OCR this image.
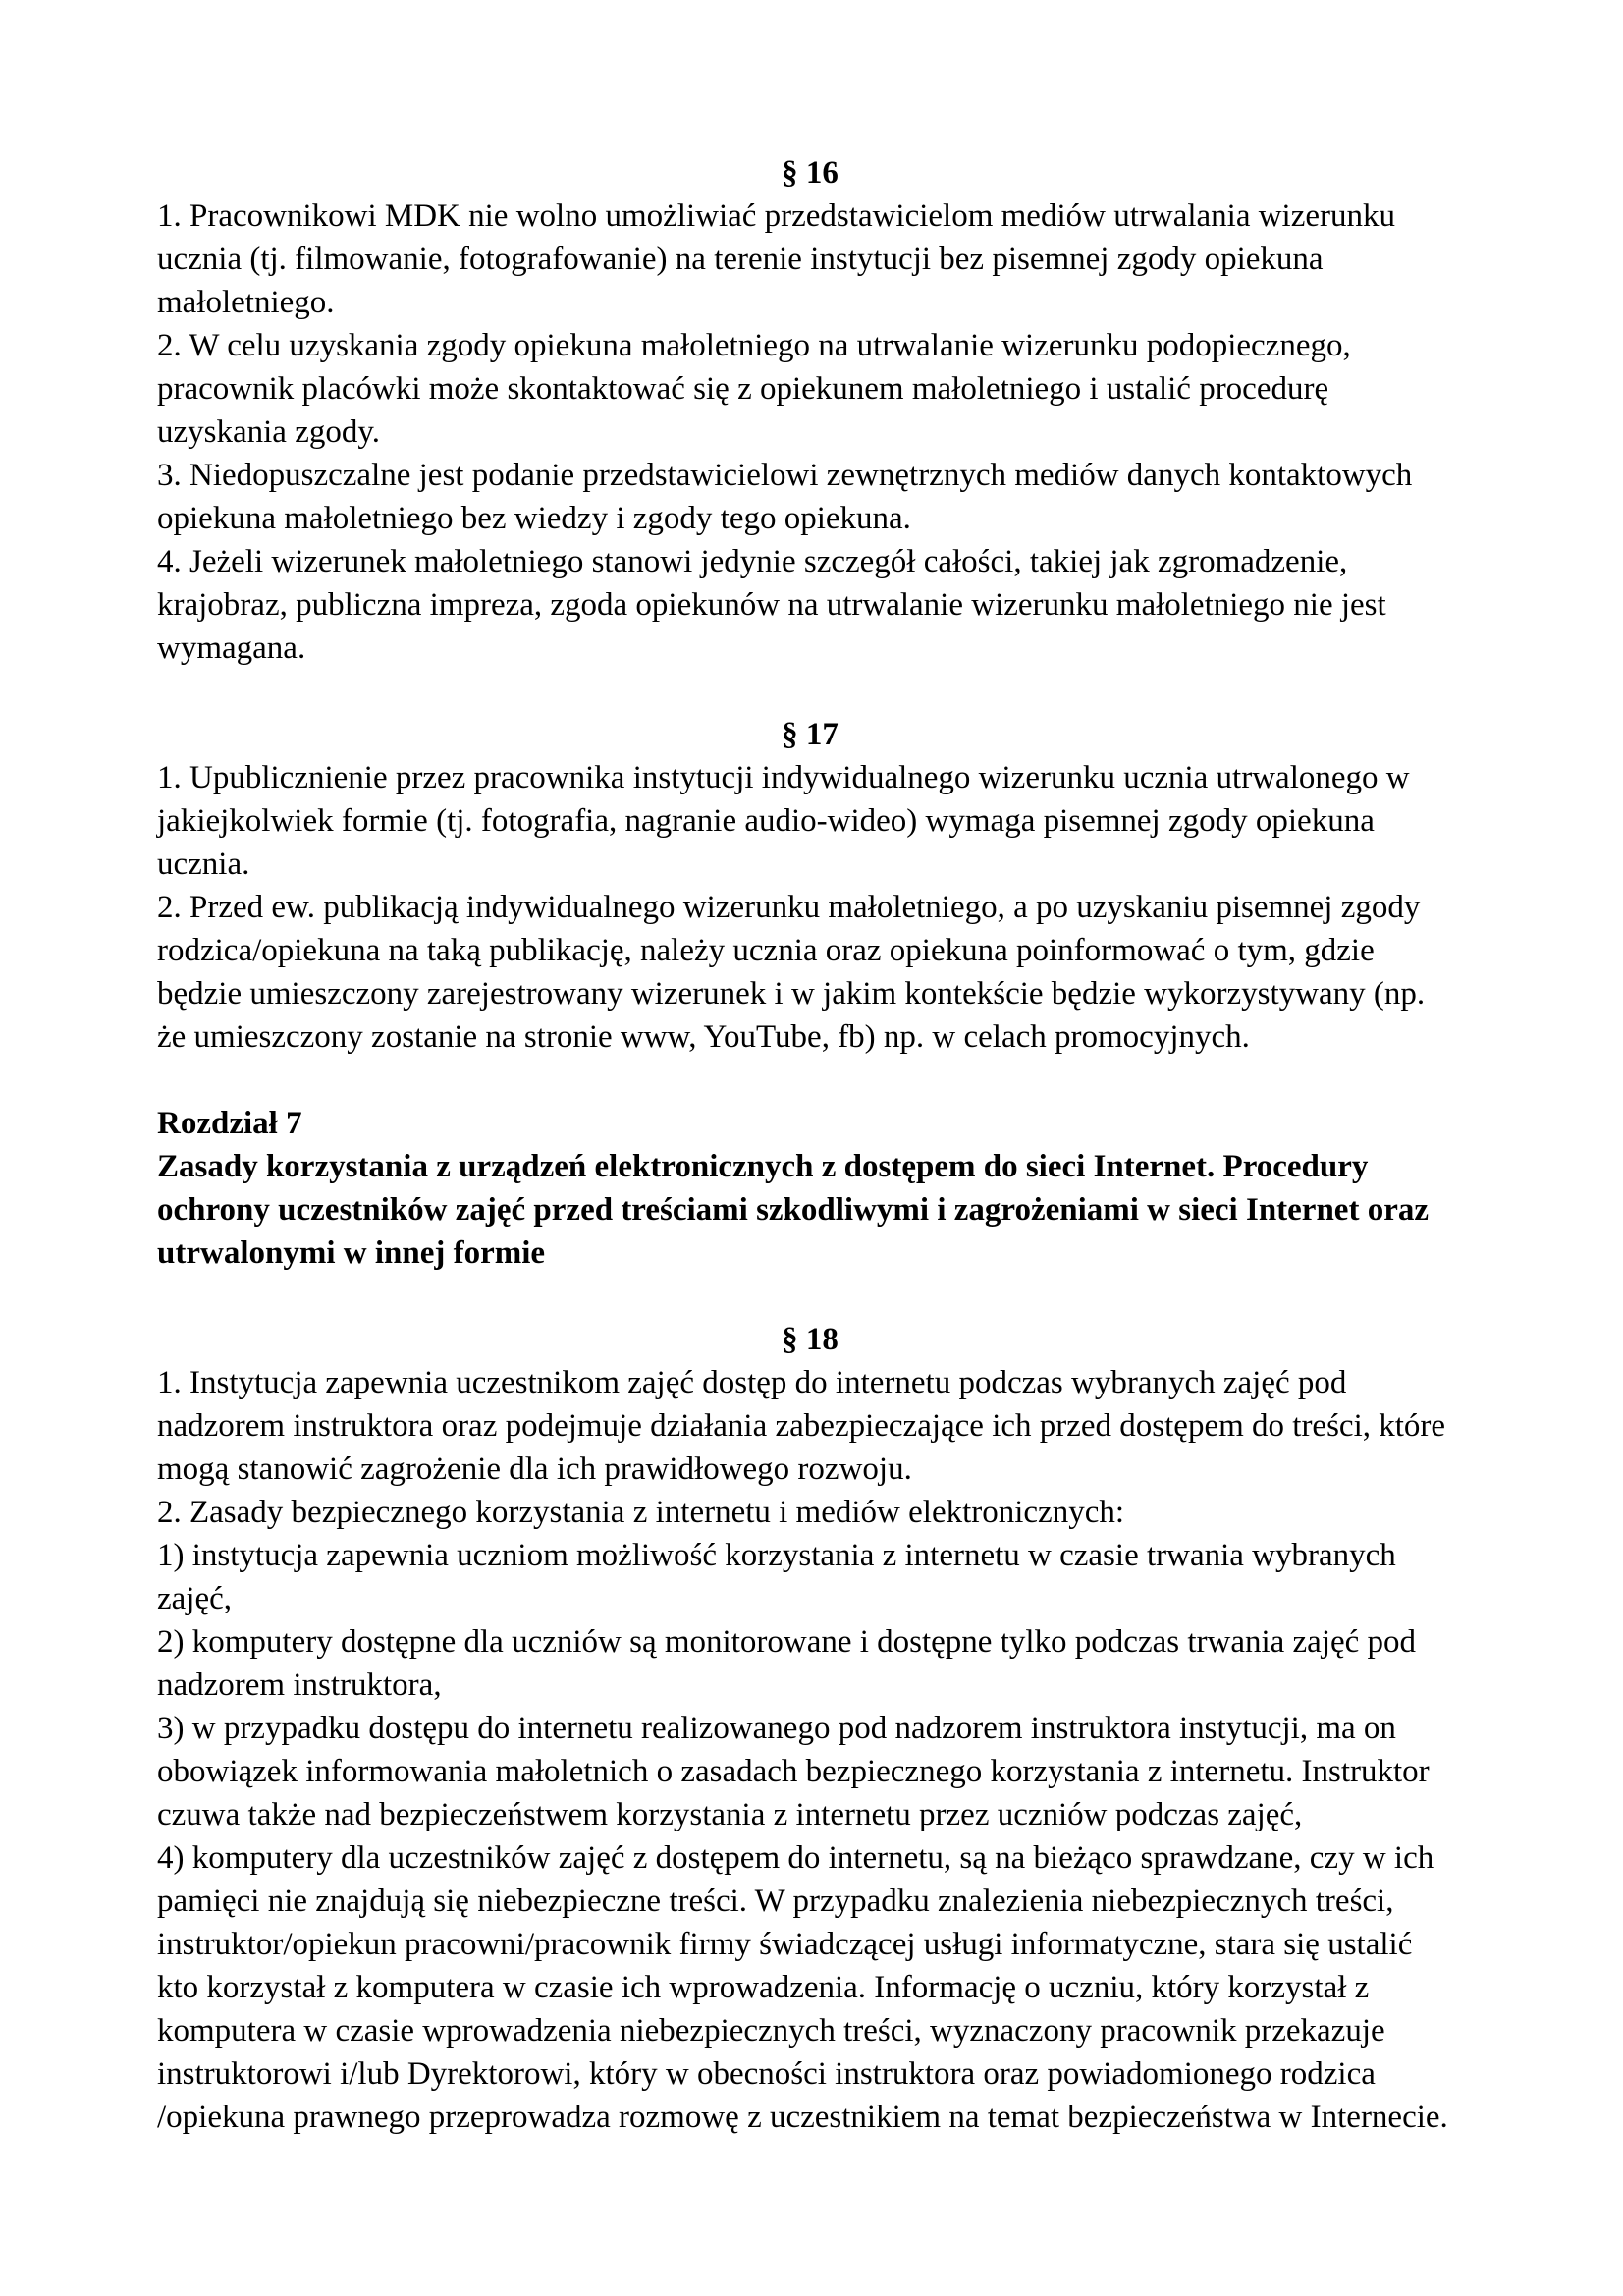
§ 16
1. Pracownikowi MDK nie wolno umożliwiać przedstawicielom mediów utrwalania wizerunku
ucznia (tj. filmowanie, fotografowanie) na terenie instytucji bez pisemnej zgody opiekuna
małoletniego.
2. W celu uzyskania zgody opiekuna małoletniego na utrwalanie wizerunku podopiecznego,
pracownik placówki może skontaktować się z opiekunem małoletniego i ustalić procedurę
uzyskania zgody.
3. Niedopuszczalne jest podanie przedstawicielowi zewnętrznych mediów danych kontaktowych
opiekuna małoletniego bez wiedzy i zgody tego opiekuna.
4. Jeżeli wizerunek małoletniego stanowi jedynie szczegół całości, takiej jak zgromadzenie,
krajobraz, publiczna impreza, zgoda opiekunów na utrwalanie wizerunku małoletniego nie jest
wymagana.
§ 17
1. Upublicznienie przez pracownika instytucji indywidualnego wizerunku ucznia utrwalonego w
jakiejkolwiek formie (tj. fotografia, nagranie audio-wideo) wymaga pisemnej zgody opiekuna
ucznia.
2. Przed ew. publikacją indywidualnego wizerunku małoletniego, a po uzyskaniu pisemnej zgody
rodzica/opiekuna na taką publikację, należy ucznia oraz opiekuna poinformować o tym, gdzie
będzie umieszczony zarejestrowany wizerunek i w jakim kontekście będzie wykorzystywany (np.
że umieszczony zostanie na stronie www, YouTube, fb) np. w celach promocyjnych.
Rozdział 7
Zasady korzystania z urządzeń elektronicznych z dostępem do sieci Internet. Procedury
ochrony uczestników zajęć przed treściami szkodliwymi i zagrożeniami w sieci Internet oraz
utrwalonymi w innej formie
§ 18
1. Instytucja zapewnia uczestnikom zajęć dostęp do internetu podczas wybranych zajęć pod
nadzorem instruktora oraz podejmuje działania zabezpieczające ich przed dostępem do treści, które
mogą stanowić zagrożenie dla ich prawidłowego rozwoju.
2. Zasady bezpiecznego korzystania z internetu i mediów elektronicznych:
1) instytucja zapewnia uczniom możliwość korzystania z internetu w czasie trwania wybranych
zajęć,
2) komputery dostępne dla uczniów są monitorowane i dostępne tylko podczas trwania zajęć pod
nadzorem instruktora,
3) w przypadku dostępu do internetu realizowanego pod nadzorem instruktora instytucji, ma on
obowiązek informowania małoletnich o zasadach bezpiecznego korzystania z internetu. Instruktor
czuwa także nad bezpieczeństwem korzystania z internetu przez uczniów podczas zajęć,
4) komputery dla uczestników zajęć z dostępem do internetu, są na bieżąco sprawdzane, czy w ich
pamięci nie znajdują się niebezpieczne treści. W przypadku znalezienia niebezpiecznych treści,
instruktor/opiekun pracowni/pracownik firmy świadczącej usługi informatyczne, stara się ustalić
kto korzystał z komputera w czasie ich wprowadzenia. Informację o uczniu, który korzystał z
komputera w czasie wprowadzenia niebezpiecznych treści, wyznaczony pracownik przekazuje
instruktorowi i/lub Dyrektorowi, który w obecności instruktora oraz powiadomionego rodzica
/opiekuna prawnego przeprowadza rozmowę z uczestnikiem na temat bezpieczeństwa w Internecie.
